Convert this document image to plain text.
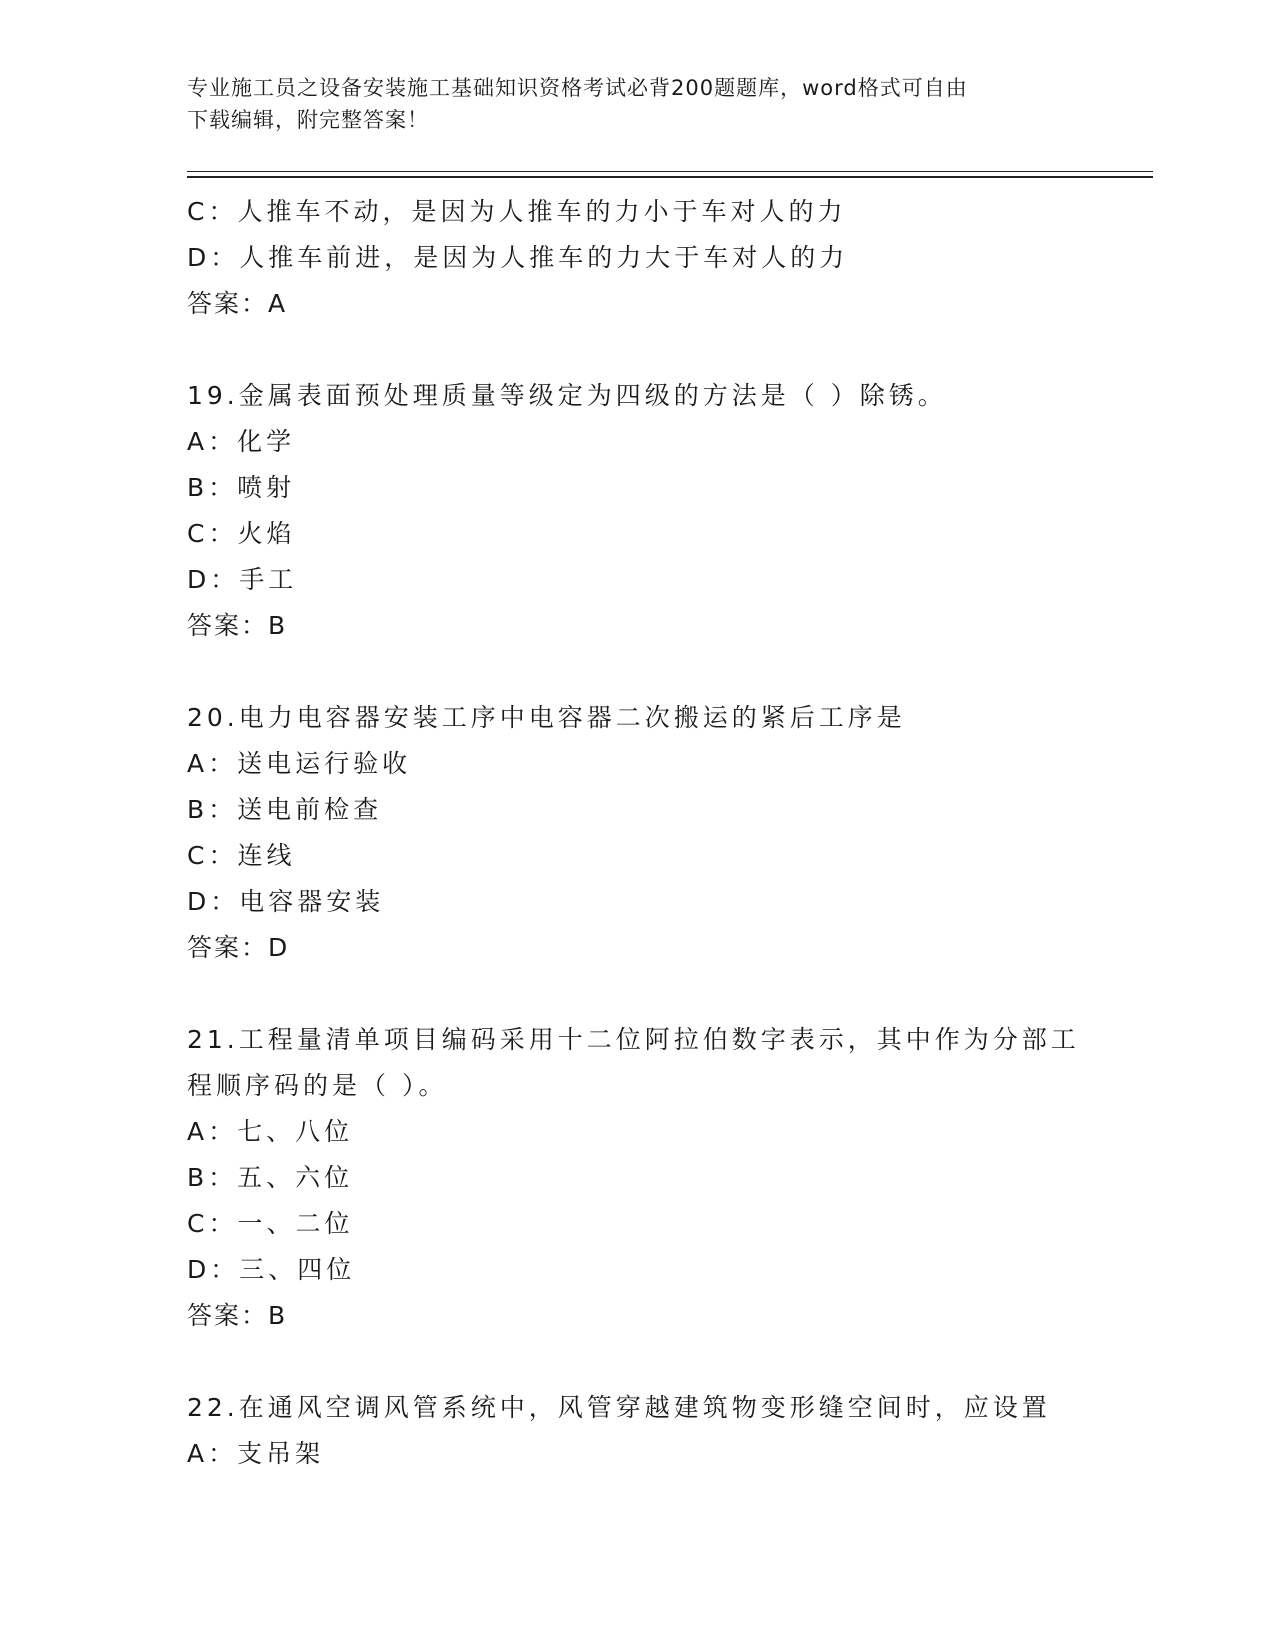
专业施工员之设备安装施工基础知识资格考试必背200题题库，word格式可自由
下载编辑，附完整答案！
C：人推车不动，是因为人推车的力小于车对人的力
D：人推车前进，是因为人推车的力大于车对人的力
答案：A
19.金属表面预处理质量等级定为四级的方法是（ ）除锈。
A：化学
B：喷射
C：火焰
D：手工
答案：B
20.电力电容器安装工序中电容器二次搬运的紧后工序是
A：送电运行验收
B：送电前检查
C：连线
D：电容器安装
答案：D
21.工程量清单项目编码采用十二位阿拉伯数字表示，其中作为分部工
程顺序码的是（ ）。
A：七、八位
B：五、六位
C：一、二位
D：三、四位
答案：B
22.在通风空调风管系统中，风管穿越建筑物变形缝空间时，应设置
A：支吊架
